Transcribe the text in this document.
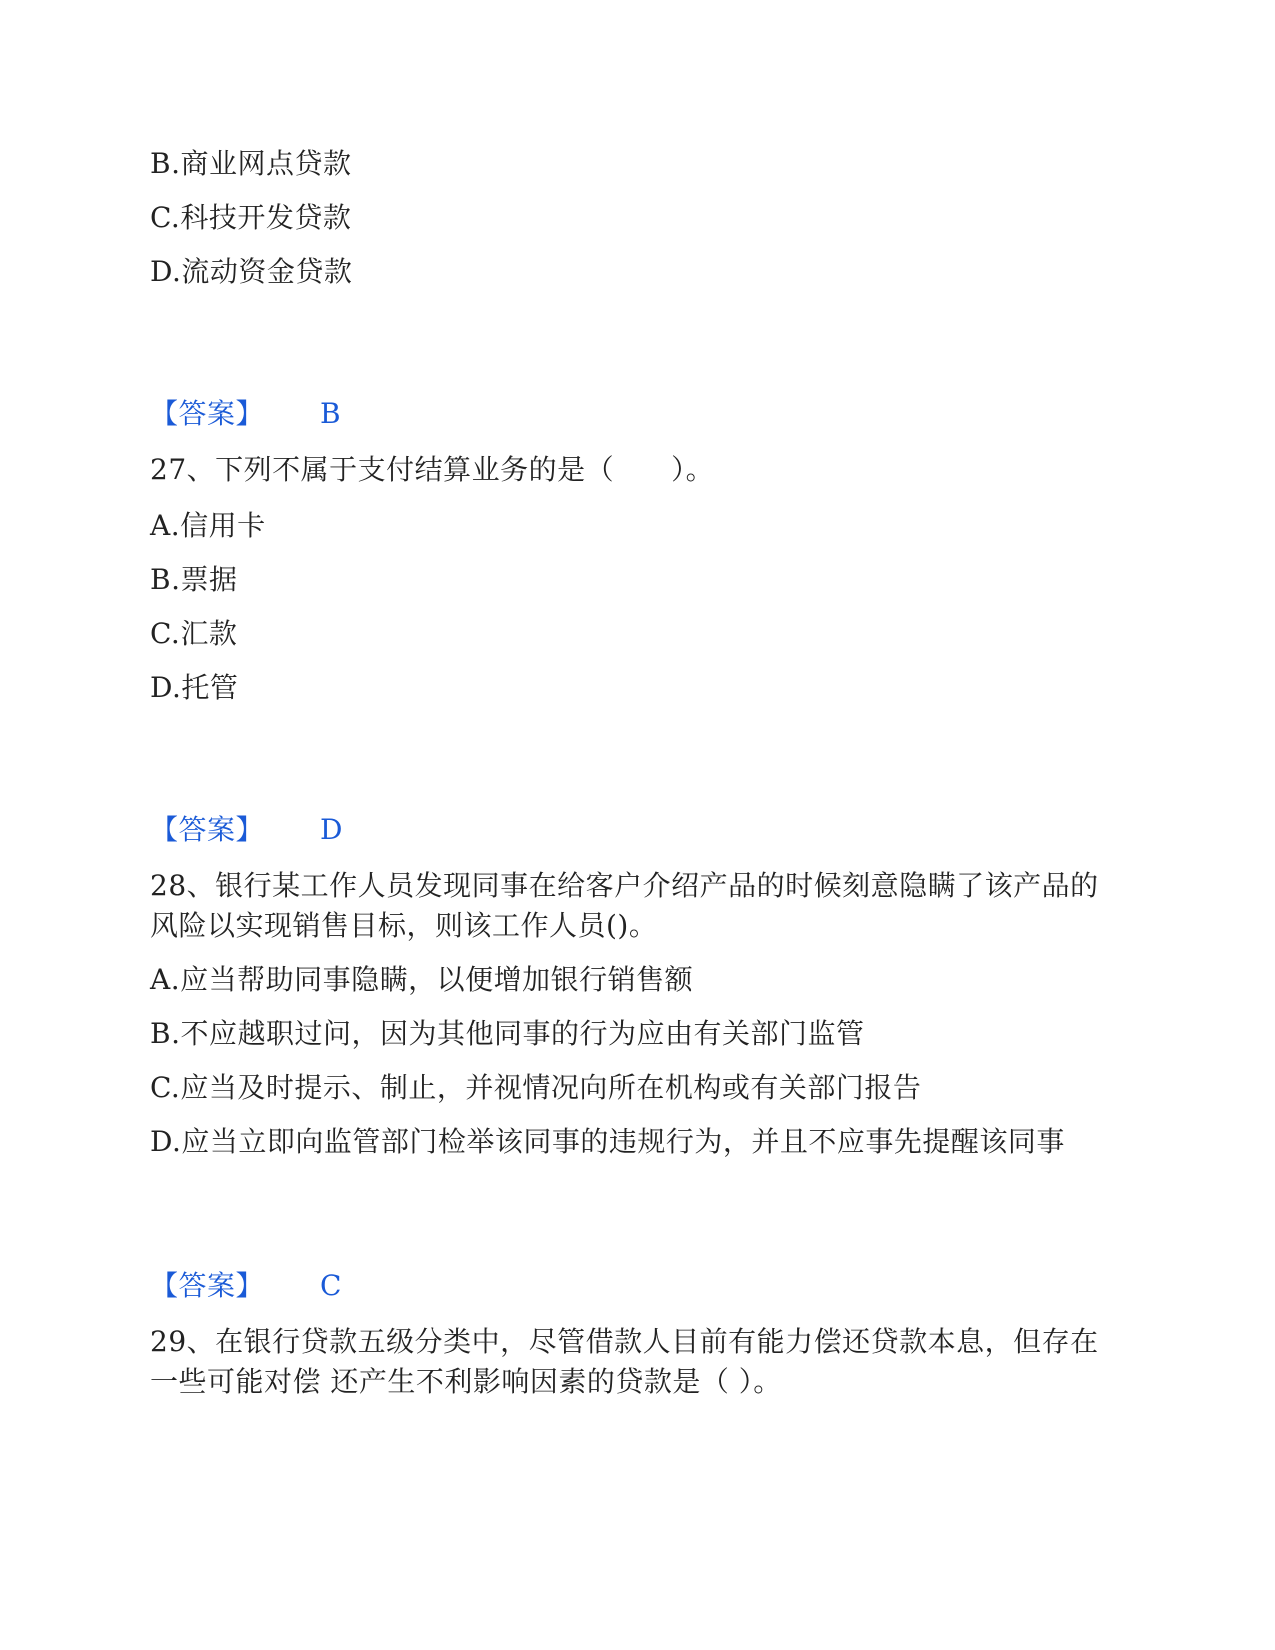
B.商业网点贷款
C.科技开发贷款
D.流动资金贷款
【答案】 B
27、下列不属于支付结算业务的是（　　）。
A.信用卡
B.票据
C.汇款
D.托管
【答案】 D
28、银行某工作人员发现同事在给客户介绍产品的时候刻意隐瞒了该产品的
风险以实现销售目标，则该工作人员()。
A.应当帮助同事隐瞒，以便增加银行销售额
B.不应越职过问，因为其他同事的行为应由有关部门监管
C.应当及时提示、制止，并视情况向所在机构或有关部门报告
D.应当立即向监管部门检举该同事的违规行为，并且不应事先提醒该同事
【答案】 C
29、在银行贷款五级分类中，尽管借款人目前有能力偿还贷款本息，但存在
一些可能对偿 还产生不利影响因素的贷款是（ ）。
